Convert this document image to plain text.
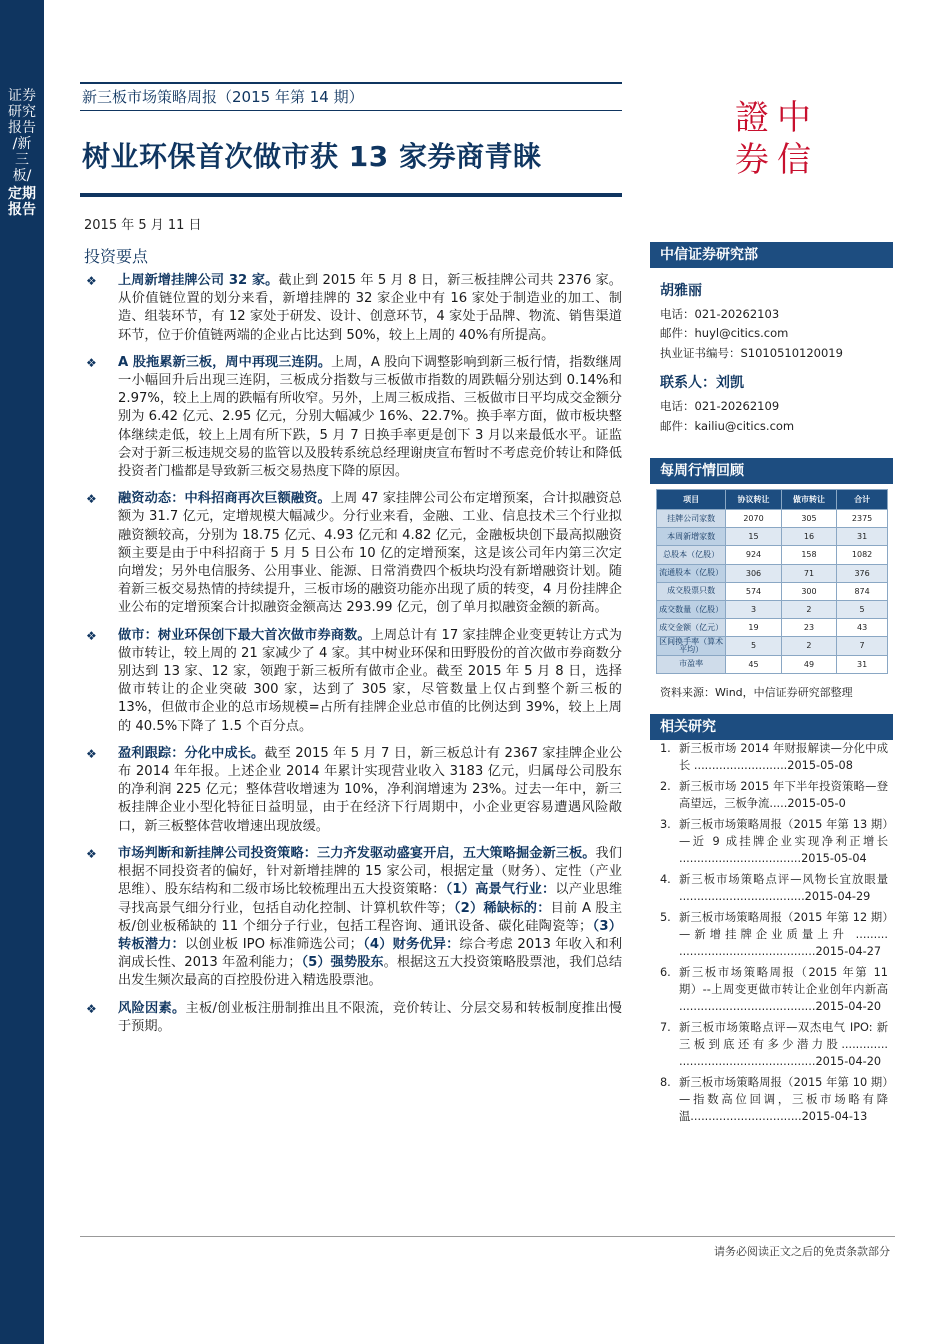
证券研究报告
/新三板/
定期报告
新三板市场策略周报（2015 年第 14 期）
树业环保首次做市获 13 家券商青睐
2015 年 5 月 11 日
投资要点
證 中
券 信
❖ 上周新增挂牌公司 32 家。截止到 2015 年 5 月 8 日，新三板挂牌公司共 2376 家。从价值链位置的划分来看，新增挂牌的 32 家企业中有 16 家处于制造业的加工、制造、组装环节，有 12 家处于研发、设计、创意环节，4 家处于品牌、物流、销售渠道环节，位于价值链两端的企业占比达到 50%，较上上周的 40%有所提高。
❖ A 股拖累新三板，周中再现三连阴。上周，A 股向下调整影响到新三板行情，指数继周一小幅回升后出现三连阴，三板成分指数与三板做市指数的周跌幅分别达到 0.14%和 2.97%，较上上周的跌幅有所收窄。另外，上周三板成指、三板做市日平均成交金额分别为 6.42 亿元、2.95 亿元，分别大幅减少 16%、22.7%。换手率方面，做市板块整体继续走低，较上上周有所下跌，5 月 7 日换手率更是创下 3 月以来最低水平。证监会对于新三板违规交易的监管以及股转系统总经理谢庚宣布暂时不考虑竞价转让和降低投资者门槛都是导致新三板交易热度下降的原因。
❖ 融资动态：中科招商再次巨额融资。上周 47 家挂牌公司公布定增预案，合计拟融资总额为 31.7 亿元，定增规模大幅减少。分行业来看，金融、工业、信息技术三个行业拟融资额较高，分别为 18.75 亿元、4.93 亿元和 4.82 亿元，金融板块创下最高拟融资额主要是由于中科招商于 5 月 5 日公布 10 亿的定增预案，这是该公司年内第三次定向增发；另外电信服务、公用事业、能源、日常消费四个板块均没有新增融资计划。随着新三板交易热情的持续提升，三板市场的融资功能亦出现了质的转变，4 月份挂牌企业公布的定增预案合计拟融资金额高达 293.99 亿元，创了单月拟融资金额的新高。
❖ 做市：树业环保创下最大首次做市券商数。上周总计有 17 家挂牌企业变更转让方式为做市转让，较上周的 21 家减少了 4 家。其中树业环保和田野股份的首次做市券商数分别达到 13 家、12 家，领跑于新三板所有做市企业。截至 2015 年 5 月 8 日，选择做市转让的企业突破 300 家，达到了 305 家，尽管数量上仅占到整个新三板的 13%，但做市企业的总市场规模=占所有挂牌企业总市值的比例达到 39%，较上上周的 40.5%下降了 1.5 个百分点。
❖ 盈利跟踪：分化中成长。截至 2015 年 5 月 7 日，新三板总计有 2367 家挂牌企业公布 2014 年年报。上述企业 2014 年累计实现营业收入 3183 亿元，归属母公司股东的净利润 225 亿元；整体营收增速为 10%，净利润增速为 23%。过去一年中，新三板挂牌企业小型化特征日益明显，由于在经济下行周期中，小企业更容易遭遇风险敞口，新三板整体营收增速出现放缓。
❖ 市场判断和新挂牌公司投资策略：三力齐发驱动盛宴开启，五大策略掘金新三板。我们根据不同投资者的偏好，针对新增挂牌的 15 家公司，根据定量（财务）、定性（产业思维）、股东结构和二级市场比较梳理出五大投资策略：（1）高景气行业：以产业思维寻找高景气细分行业，包括自动化控制、计算机软件等；（2）稀缺标的：目前 A 股主板/创业板稀缺的 11 个细分子行业，包括工程咨询、通讯设备、碳化硅陶瓷等；（3）转板潜力：以创业板 IPO 标准筛选公司；（4）财务优异：综合考虑 2013 年收入和利润成长性、2013 年盈利能力；（5）强势股东。根据这五大投资策略股票池，我们总结出发生频次最高的百控股份进入精选股票池。
❖ 风险因素。主板/创业板注册制推出且不限流，竞价转让、分层交易和转板制度推出慢于预期。
中信证券研究部
胡雅丽
电话：021-20262103
邮件：huyl@citics.com
执业证书编号：S1010510120019
联系人：刘凯
电话：021-20262109
邮件：kailiu@citics.com
每周行情回顾
项目	协议转让	做市转让	合计
挂牌公司家数	2070	305	2375
本周新增家数	15	16	31
总股本（亿股）	924	158	1082
流通股本（亿股）	306	71	376
成交股票只数	574	300	874
成交数量（亿股）	3	2	5
成交金额（亿元）	19	23	43
区间换手率（算术平均）	5	2	7
市盈率	45	49	31
资料来源：Wind，中信证券研究部整理
相关研究
1. 新三板市场 2014 年财报解读—分化中成长 ..........................2015-05-08
2. 新三板市场 2015 年下半年投资策略—登高望远，三板争流.....2015-05-0
3. 新三板市场策略周报（2015 年第 13 期）—近 9 成挂牌企业实现净利正增长 ..................................2015-05-04
4. 新三板市场策略点评—风物长宜放眼量 ...................................2015-04-29
5. 新三板市场策略周报（2015 年第 12 期）—新增挂牌企业质量上升 ......... ......................................2015-04-27
6. 新三板市场策略周报（2015 年第 11 期）--上周变更做市转让企业创年内新高 ......................................2015-04-20
7. 新三板市场策略点评—双杰电气 IPO: 新三板到底还有多少潜力股............. ......................................2015-04-20
8. 新三板市场策略周报（2015 年第 10 期）—指数高位回调，三板市场略有降温...............................2015-04-13
请务必阅读正文之后的免责条款部分
